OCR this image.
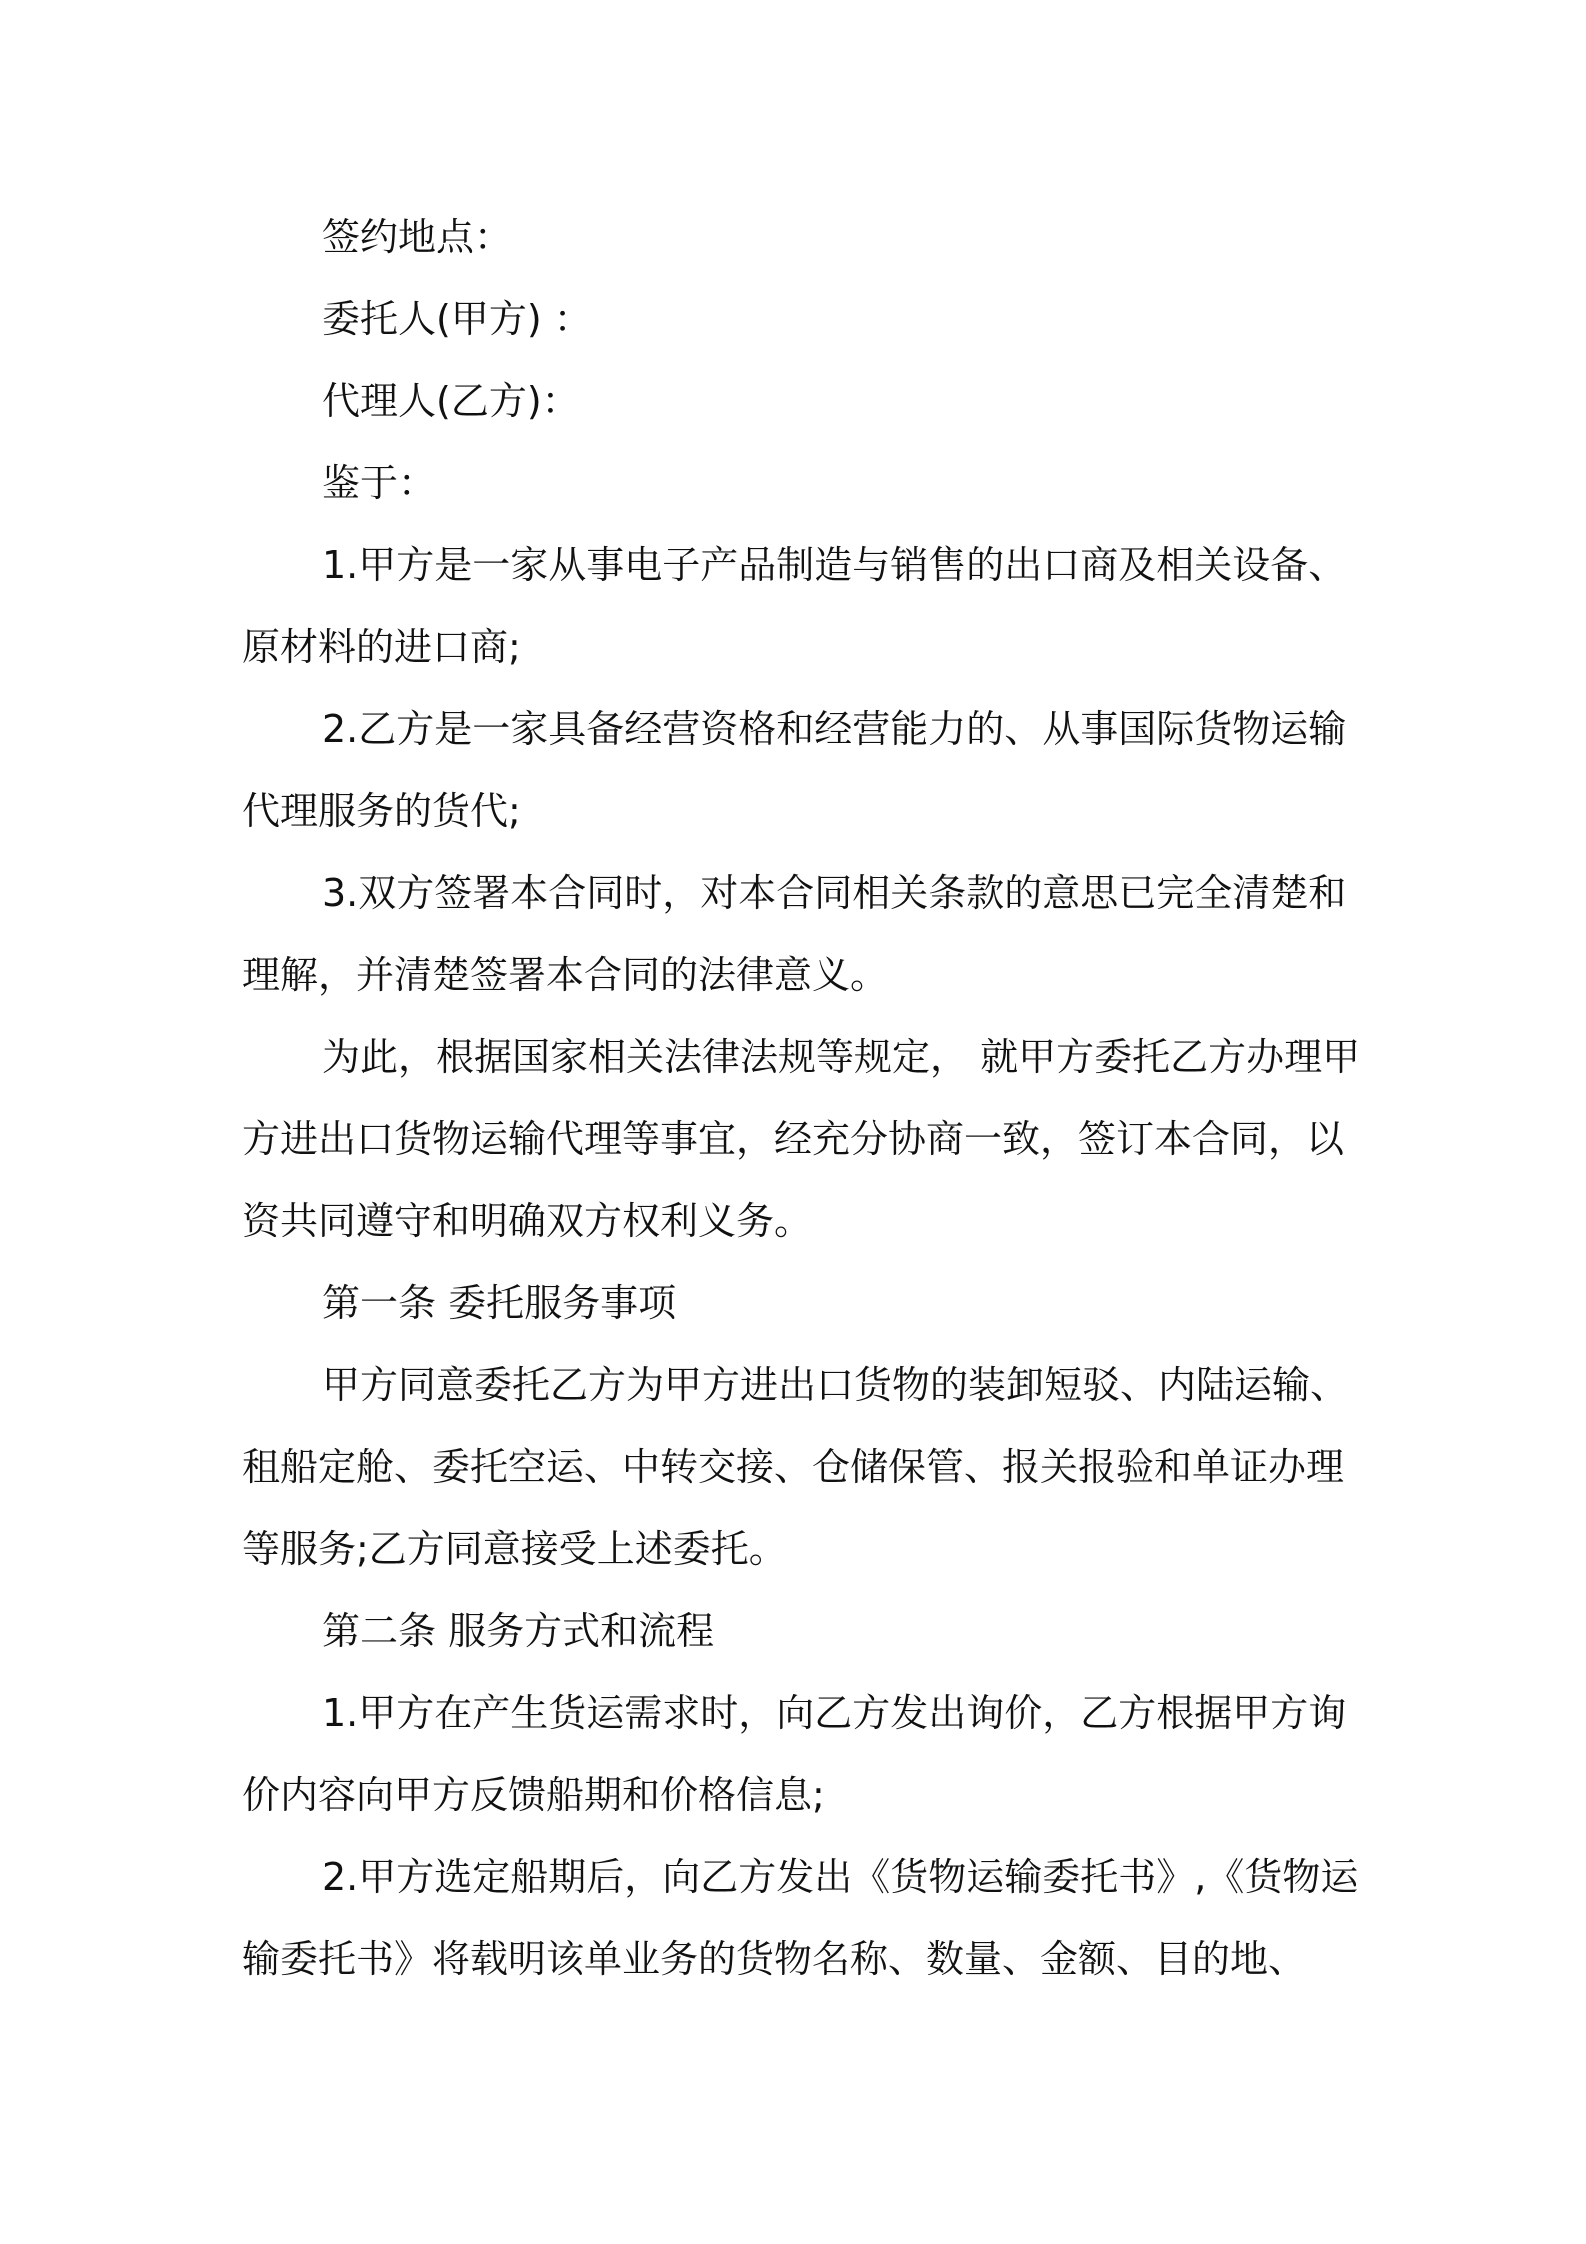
签约地点：

委托人(甲方) ：

代理人(乙方)：

鉴于：

1.甲方是一家从事电子产品制造与销售的出口商及相关设备、原材料的进口商;

2.乙方是一家具备经营资格和经营能力的、从事国际货物运输代理服务的货代;

3.双方签署本合同时，对本合同相关条款的意思已完全清楚和理解，并清楚签署本合同的法律意义。

为此，根据国家相关法律法规等规定， 就甲方委托乙方办理甲方进出口货物运输代理等事宜，经充分协商一致，签订本合同，以资共同遵守和明确双方权利义务。

第一条 委托服务事项

甲方同意委托乙方为甲方进出口货物的装卸短驳、内陆运输、租船定舱、委托空运、中转交接、仓储保管、报关报验和单证办理等服务;乙方同意接受上述委托。

第二条 服务方式和流程

1.甲方在产生货运需求时，向乙方发出询价，乙方根据甲方询价内容向甲方反馈船期和价格信息;

2.甲方选定船期后，向乙方发出《货物运输委托书》,《货物运输委托书》将载明该单业务的货物名称、数量、金额、目的地、
